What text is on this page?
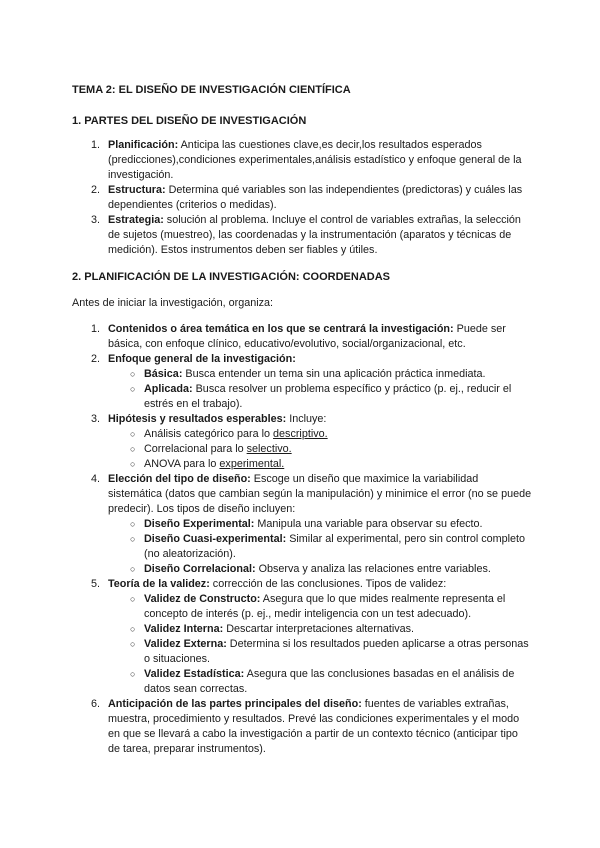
TEMA 2: EL DISEÑO DE INVESTIGACIÓN CIENTÍFICA
1. PARTES DEL DISEÑO DE INVESTIGACIÓN
1. Planificación: Anticipa las cuestiones clave,es decir,los resultados esperados (predicciones),condiciones experimentales,análisis estadístico y enfoque general de la investigación.
2. Estructura: Determina qué variables son las independientes (predictoras) y cuáles las dependientes (criterios o medidas).
3. Estrategia: solución al problema. Incluye el control de variables extrañas, la selección de sujetos (muestreo), las coordenadas y la instrumentación (aparatos y técnicas de medición). Estos instrumentos deben ser fiables y útiles.
2. PLANIFICACIÓN DE LA INVESTIGACIÓN: COORDENADAS
Antes de iniciar la investigación, organiza:
1. Contenidos o área temática en los que se centrará la investigación: Puede ser básica, con enfoque clínico, educativo/evolutivo, social/organizacional, etc.
2. Enfoque general de la investigación:
○ Básica: Busca entender un tema sin una aplicación práctica inmediata.
○ Aplicada: Busca resolver un problema específico y práctico (p. ej., reducir el estrés en el trabajo).
3. Hipótesis y resultados esperables: Incluye:
○ Análisis categórico para lo descriptivo.
○ Correlacional para lo selectivo.
○ ANOVA para lo experimental.
4. Elección del tipo de diseño: Escoge un diseño que maximice la variabilidad sistemática (datos que cambian según la manipulación) y minimice el error (no se puede predecir). Los tipos de diseño incluyen:
○ Diseño Experimental: Manipula una variable para observar su efecto.
○ Diseño Cuasi-experimental: Similar al experimental, pero sin control completo (no aleatorización).
○ Diseño Correlacional: Observa y analiza las relaciones entre variables.
5. Teoría de la validez: corrección de las conclusiones. Tipos de validez:
○ Validez de Constructo: Asegura que lo que mides realmente representa el concepto de interés (p. ej., medir inteligencia con un test adecuado).
○ Validez Interna: Descartar interpretaciones alternativas.
○ Validez Externa: Determina si los resultados pueden aplicarse a otras personas o situaciones.
○ Validez Estadística: Asegura que las conclusiones basadas en el análisis de datos sean correctas.
6. Anticipación de las partes principales del diseño: fuentes de variables extrañas, muestra, procedimiento y resultados. Prevé las condiciones experimentales y el modo en que se llevará a cabo la investigación a partir de un contexto técnico (anticipar tipo de tarea, preparar instrumentos).
